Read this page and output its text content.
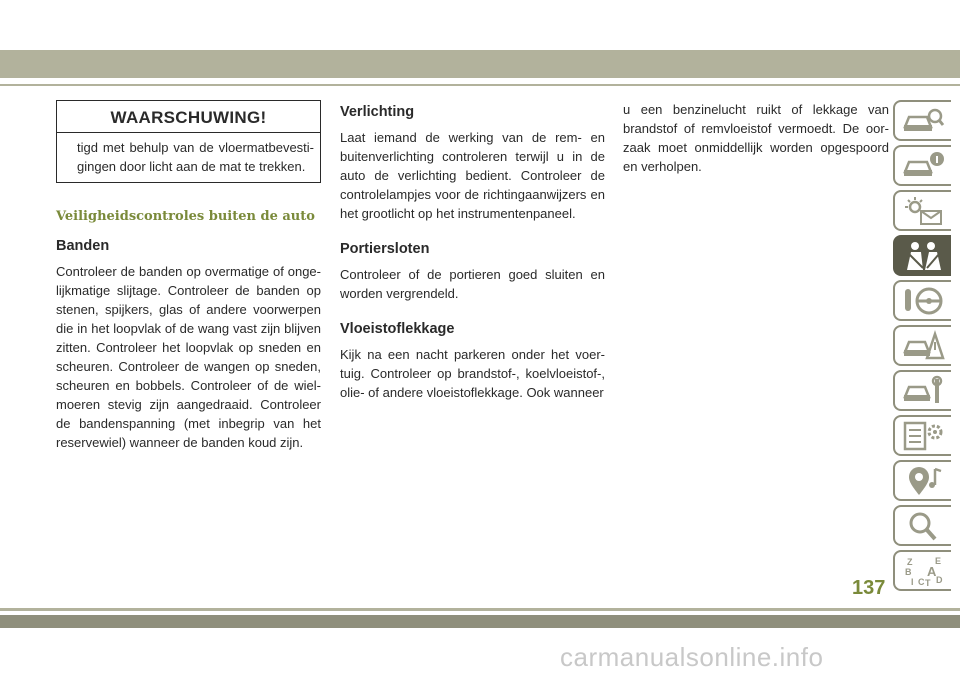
WAARSCHUWING!
tigd met behulp van de vloermatbevesti-gingen door licht aan de mat te trekken.
Veiligheidscontroles buiten de auto
Banden

Controleer de banden op overmatige of onge-lijkmatige slijtage. Controleer de banden op stenen, spijkers, glas of andere voorwerpen die in het loopvlak of de wang vast zijn blijven zitten. Controleer het loopvlak op sneden en scheuren. Controleer de wangen op sneden, scheuren en bobbels. Controleer of de wiel-moeren stevig zijn aangedraaid. Controleer de bandenspanning (met inbegrip van het reservewiel) wanneer de banden koud zijn.

Verlichting

Laat iemand de werking van de rem- en buitenverlichting controleren terwijl u in de auto de verlichting bedient. Controleer de controlelampjes voor de richtingaanwijzers en het grootlicht op het instrumentenpaneel.

Portiersloten

Controleer of de portieren goed sluiten en worden vergrendeld.

Vloeistoflekkage

Kijk na een nacht parkeren onder het voer-tuig. Controleer op brandstof-, koelvloeistof-, olie- of andere vloeistoflekkage. Ook wanneer

u een benzinelucht ruikt of lekkage van brandstof of remvloeistof vermoedt. De oor-zaak moet onmiddellijk worden opgespoord en verholpen.

Z	E
B A
I C T D
137
carmanualsonline.info
